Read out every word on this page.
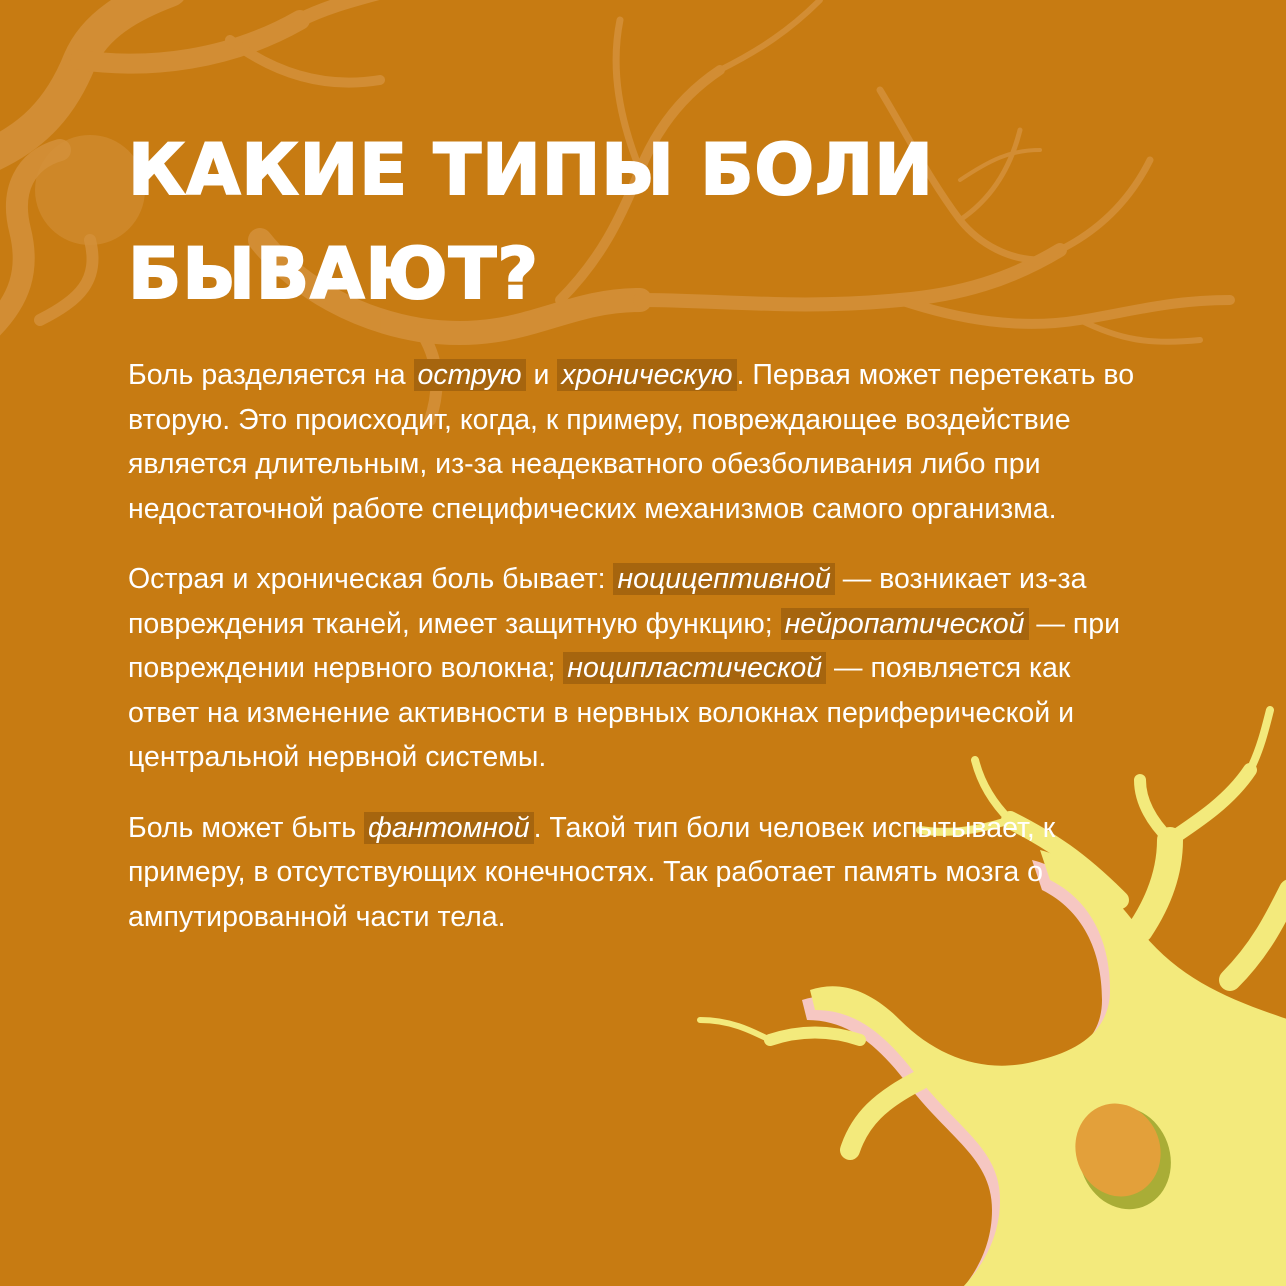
КАКИЕ ТИПЫ БОЛИ
БЫВАЮТ?

Боль разделяется на острую и хроническую . Первая может перетекать во вторую. Это происходит, когда, к примеру, повреждающее воздействие является длительным, из-за неадекватного обезболивания либо при недостаточной работе специфических механизмов самого организма.

Острая и хроническая боль бывает: ноцицептивной — возникает из-за повреждения тканей, имеет защитную функцию; нейропатической — при повреждении нервного волокна; ноципластической — появляется как ответ на изменение активности в нервных волокнах периферической и центральной нервной системы.

Боль может быть фантомной . Такой тип боли человек испытывает, к примеру, в отсутствующих конечностях. Так работает память мозга о ампутированной части тела.
